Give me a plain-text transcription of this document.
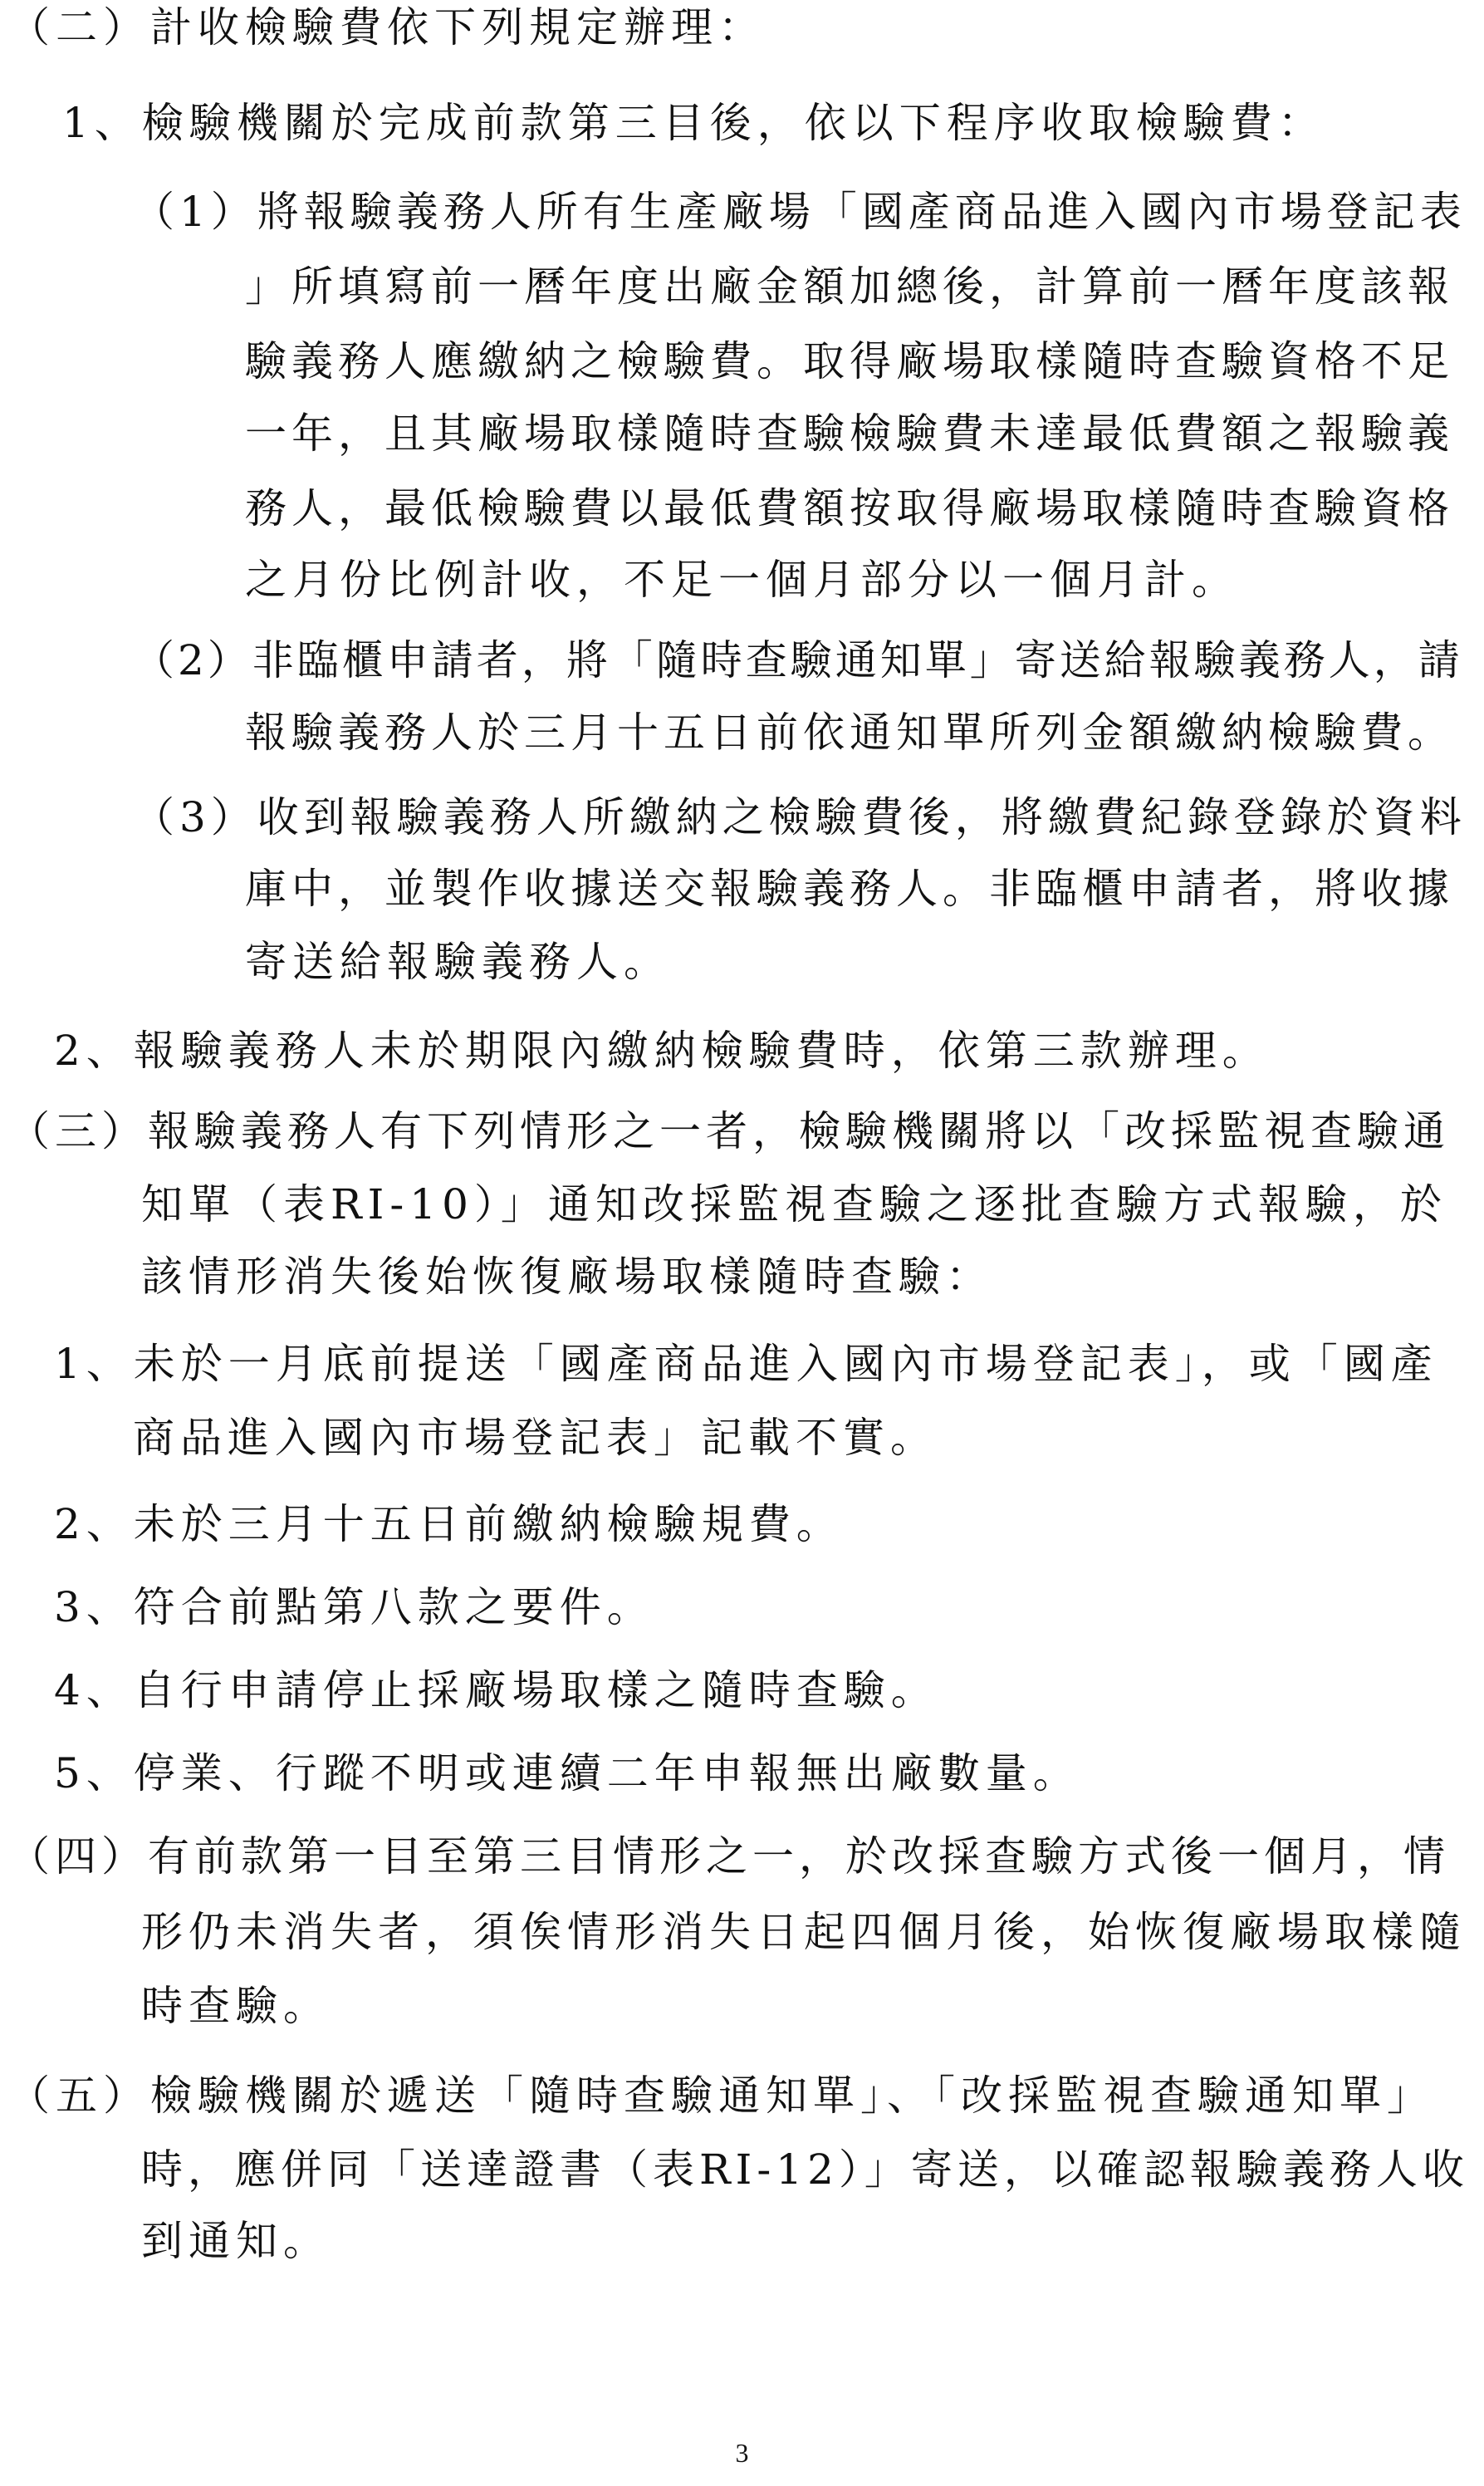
（二）計收檢驗費依下列規定辦理：
1、檢驗機關於完成前款第三目後，依以下程序收取檢驗費：
（1）將報驗義務人所有生產廠場「國產商品進入國內市場登記表
」所填寫前一曆年度出廠金額加總後，計算前一曆年度該報
驗義務人應繳納之檢驗費。取得廠場取樣隨時查驗資格不足
一年，且其廠場取樣隨時查驗檢驗費未達最低費額之報驗義
務人，最低檢驗費以最低費額按取得廠場取樣隨時查驗資格
之月份比例計收，不足一個月部分以一個月計。
（2）非臨櫃申請者，將「隨時查驗通知單」寄送給報驗義務人，請
報驗義務人於三月十五日前依通知單所列金額繳納檢驗費。
（3）收到報驗義務人所繳納之檢驗費後，將繳費紀錄登錄於資料
庫中，並製作收據送交報驗義務人。非臨櫃申請者，將收據
寄送給報驗義務人。
2、報驗義務人未於期限內繳納檢驗費時，依第三款辦理。
（三）報驗義務人有下列情形之一者，檢驗機關將以「改採監視查驗通
知單（表RI-10）」通知改採監視查驗之逐批查驗方式報驗，於
該情形消失後始恢復廠場取樣隨時查驗：
1、未於一月底前提送「國產商品進入國內市場登記表」，或「國產
商品進入國內市場登記表」記載不實。
2、未於三月十五日前繳納檢驗規費。
3、符合前點第八款之要件。
4、自行申請停止採廠場取樣之隨時查驗。
5、停業、行蹤不明或連續二年申報無出廠數量。
（四）有前款第一目至第三目情形之一，於改採查驗方式後一個月，情
形仍未消失者，須俟情形消失日起四個月後，始恢復廠場取樣隨
時查驗。
（五）檢驗機關於遞送「隨時查驗通知單」、「改採監視查驗通知單」
時，應併同「送達證書（表RI-12）」寄送，以確認報驗義務人收
到通知。
3
